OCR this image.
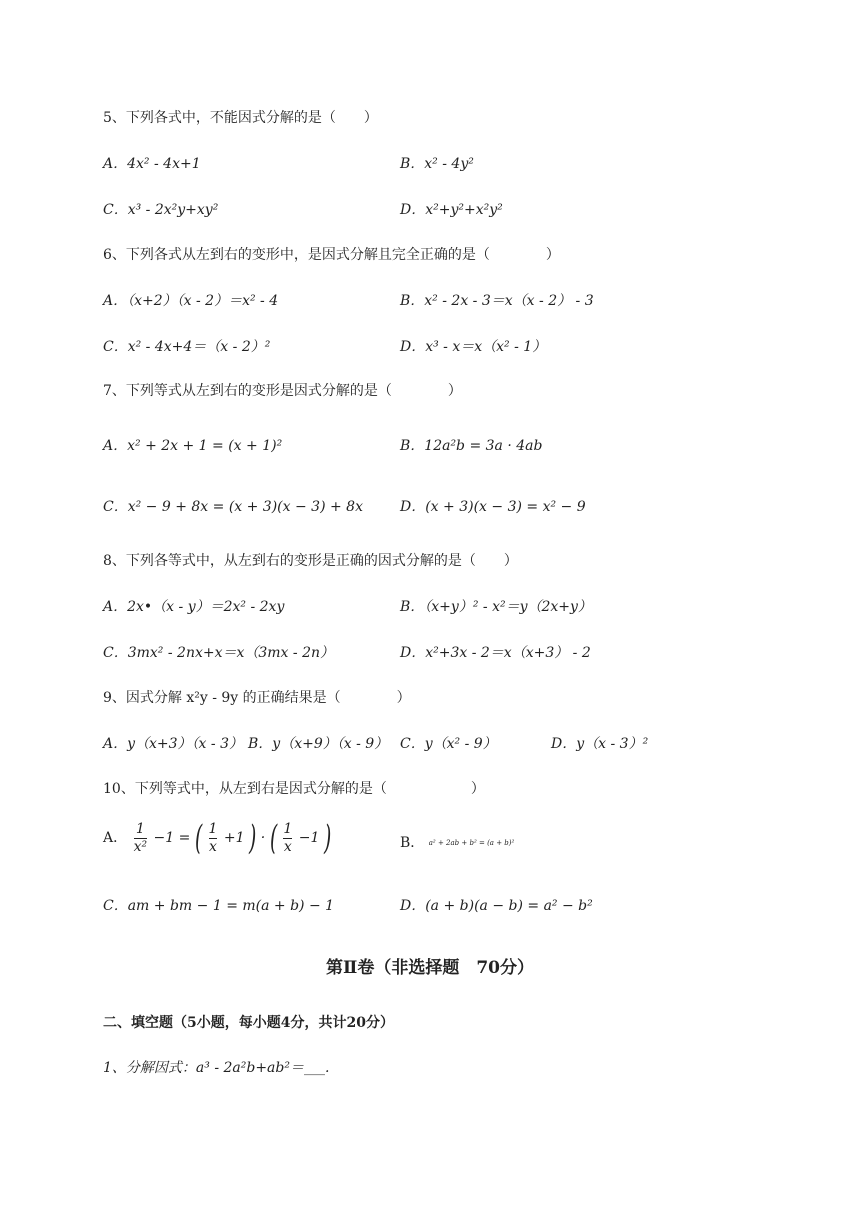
5、下列各式中，不能因式分解的是（　　）
A．4x² - 4x+1	B．x² - 4y²
C．x³ - 2x²y+xy²	D．x²+y²+x²y²
6、下列各式从左到右的变形中，是因式分解且完全正确的是（　　　　）
A．（x+2）（x - 2）＝x² - 4	B．x² - 2x - 3＝x（x - 2） - 3
C．x² - 4x+4＝（x - 2）²	D．x³ - x＝x（x² - 1）
7、下列等式从左到右的变形是因式分解的是（　　　　）
A．x² + 2x + 1 = (x + 1)²	B．12a²b = 3a · 4ab
C．x² − 9 + 8x = (x + 3)(x − 3) + 8x	D．(x + 3)(x − 3) = x² − 9
8、下列各等式中，从左到右的变形是正确的因式分解的是（　　）
A．2x•（x - y）＝2x² - 2xy	B．（x+y）² - x²＝y（2x+y）
C．3mx² - 2nx+x＝x（3mx - 2n）	D．x²+3x - 2＝x（x+3） - 2
9、因式分解 x²y - 9y 的正确结果是（　　　　）
A．y（x+3）（x - 3） B．y（x+9）（x - 9） C．y（x² - 9）	D．y（x - 3）²
10、下列等式中，从左到右是因式分解的是（　　　　　　）
A． $\frac{1}{\text{x²}} -1$ = ( $\frac{1}{x} +1$ ) · ( $\frac{1}{x} -1$ )	B． a² + 2ab + b² = (a + b)²
C．am + bm − 1 = m(a + b) − 1	D．(a + b)(a − b) = a² − b²
第Ⅱ卷（非选择题　70分）
二、填空题（5小题，每小题4分，共计20分）
1、分解因式：a³ - 2a²b+ab²＝___.
